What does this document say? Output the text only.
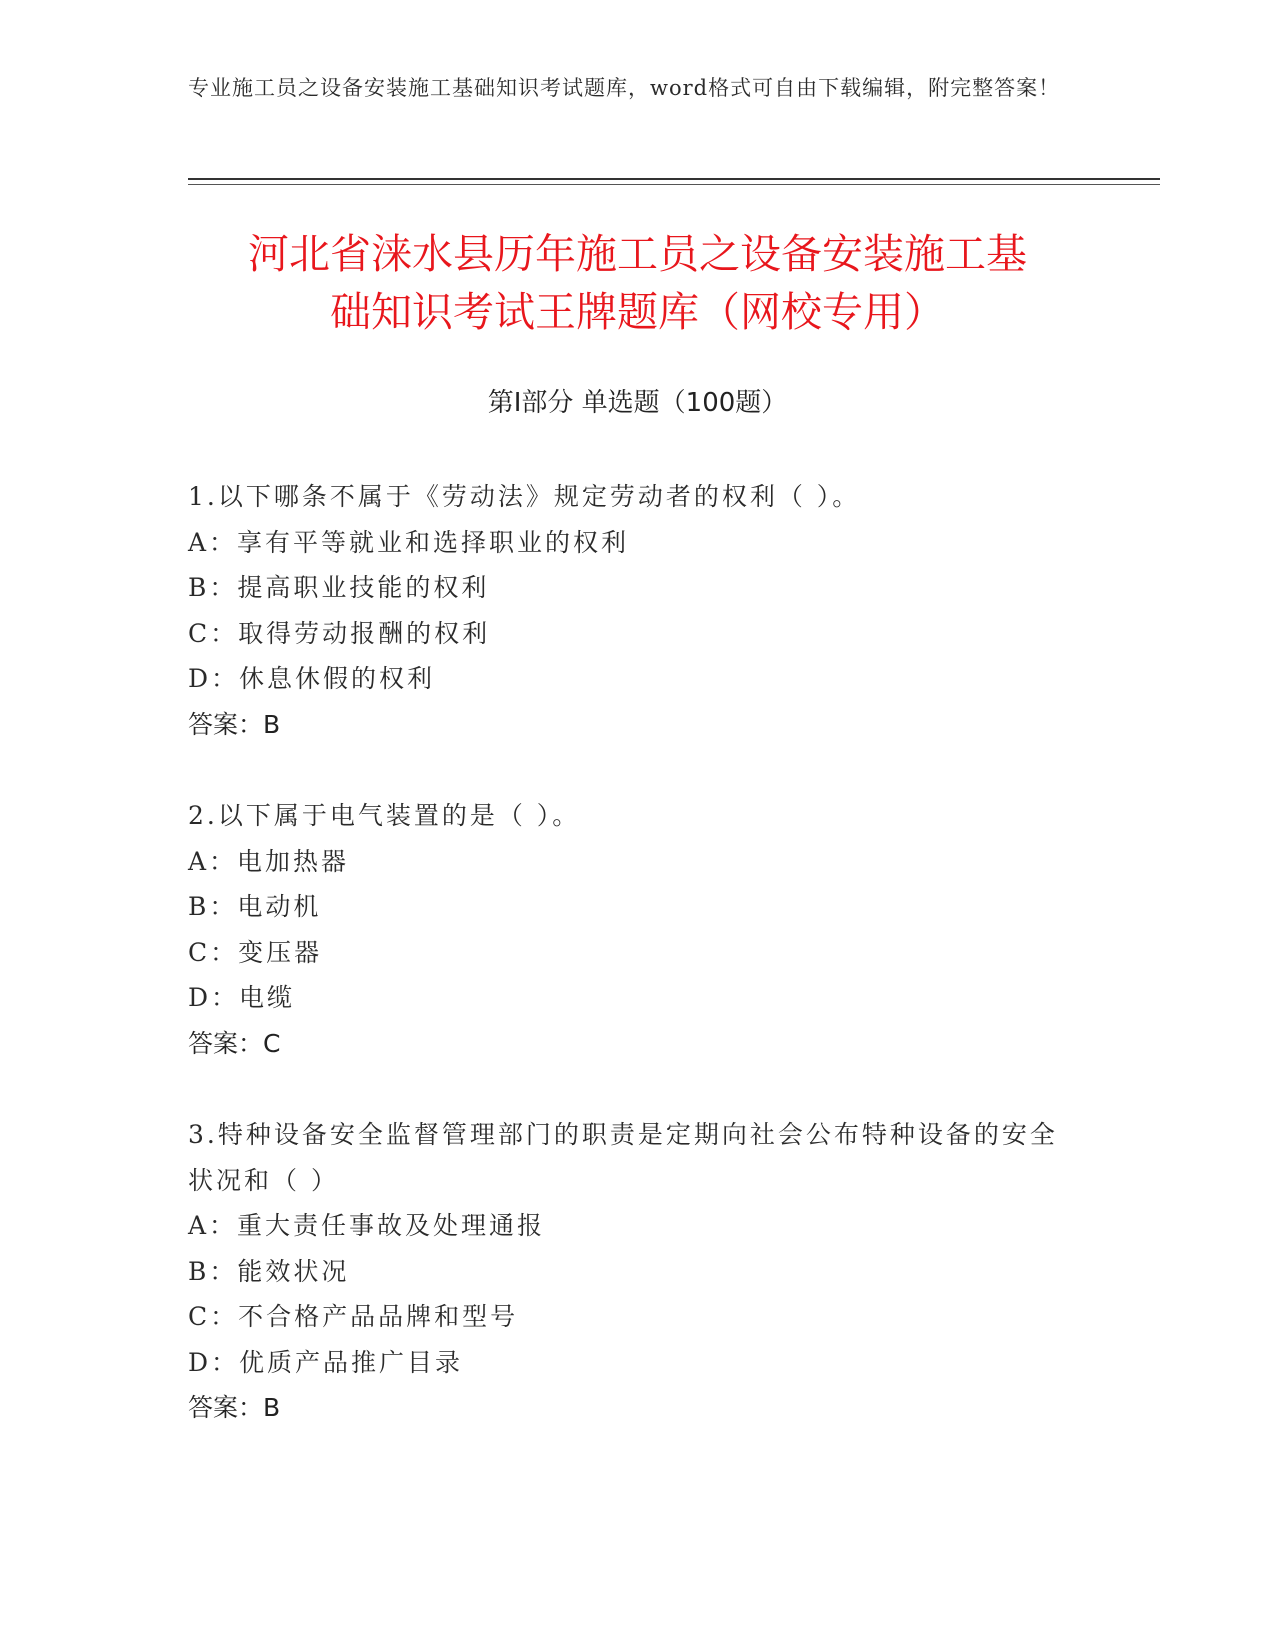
专业施工员之设备安装施工基础知识考试题库，word格式可自由下载编辑，附完整答案！
河北省涞水县历年施工员之设备安装施工基
础知识考试王牌题库（网校专用）
第Ⅰ部分 单选题（100题）
1.以下哪条不属于《劳动法》规定劳动者的权利（ ）。
A：享有平等就业和选择职业的权利
B：提高职业技能的权利
C：取得劳动报酬的权利
D：休息休假的权利
答案：B
2.以下属于电气装置的是（ ）。
A：电加热器
B：电动机
C：变压器
D：电缆
答案：C
3.特种设备安全监督管理部门的职责是定期向社会公布特种设备的安全状况和（ ）
A：重大责任事故及处理通报
B：能效状况
C：不合格产品品牌和型号
D：优质产品推广目录
答案：B
